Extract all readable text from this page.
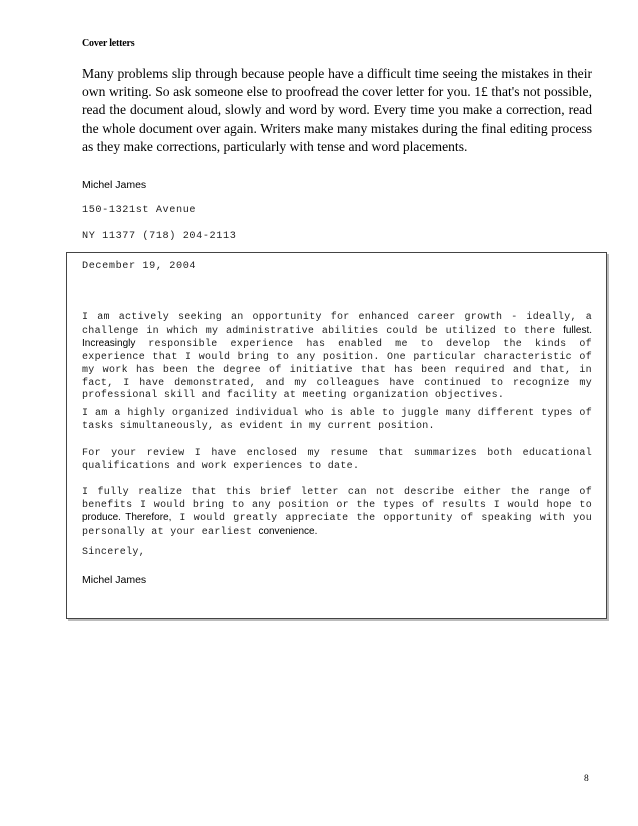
Cover letters

Many problems slip through because people have a difficult time seeing the mistakes in their own writing. So ask someone else to proofread the cover letter for you. 1£ that's not possible, read the document aloud, slowly and word by word. Every time you make a correction, read the whole document over again. Writers make many mistakes during the final editing process as they make corrections, particularly with tense and word placements.

Michel James
150-1321st Avenue
NY 11377 (718) 204-2113
December 19, 2004

I am actively seeking an opportunity for enhanced career growth - ideally, a challenge in which my administrative abilities could be utilized to there fullest. Increasingly responsible experience has enabled me to develop the kinds of experience that I would bring to any position. One particular characteristic of my work has been the degree of initiative that has been required and that, in fact, I have demonstrated, and my colleagues have continued to recognize my professional skill and facility at meeting organization objectives.

I am a highly organized individual who is able to juggle many different types of tasks simultaneously, as evident in my current position.

For your review I have enclosed my resume that summarizes both educational qualifications and work experiences to date.

I fully realize that this brief letter can not describe either the range of benefits I would bring to any position or the types of results I would hope to produce. Therefore, I would greatly appreciate the opportunity of speaking with you personally at your earliest convenience.

Sincerely,

Michel James
8
